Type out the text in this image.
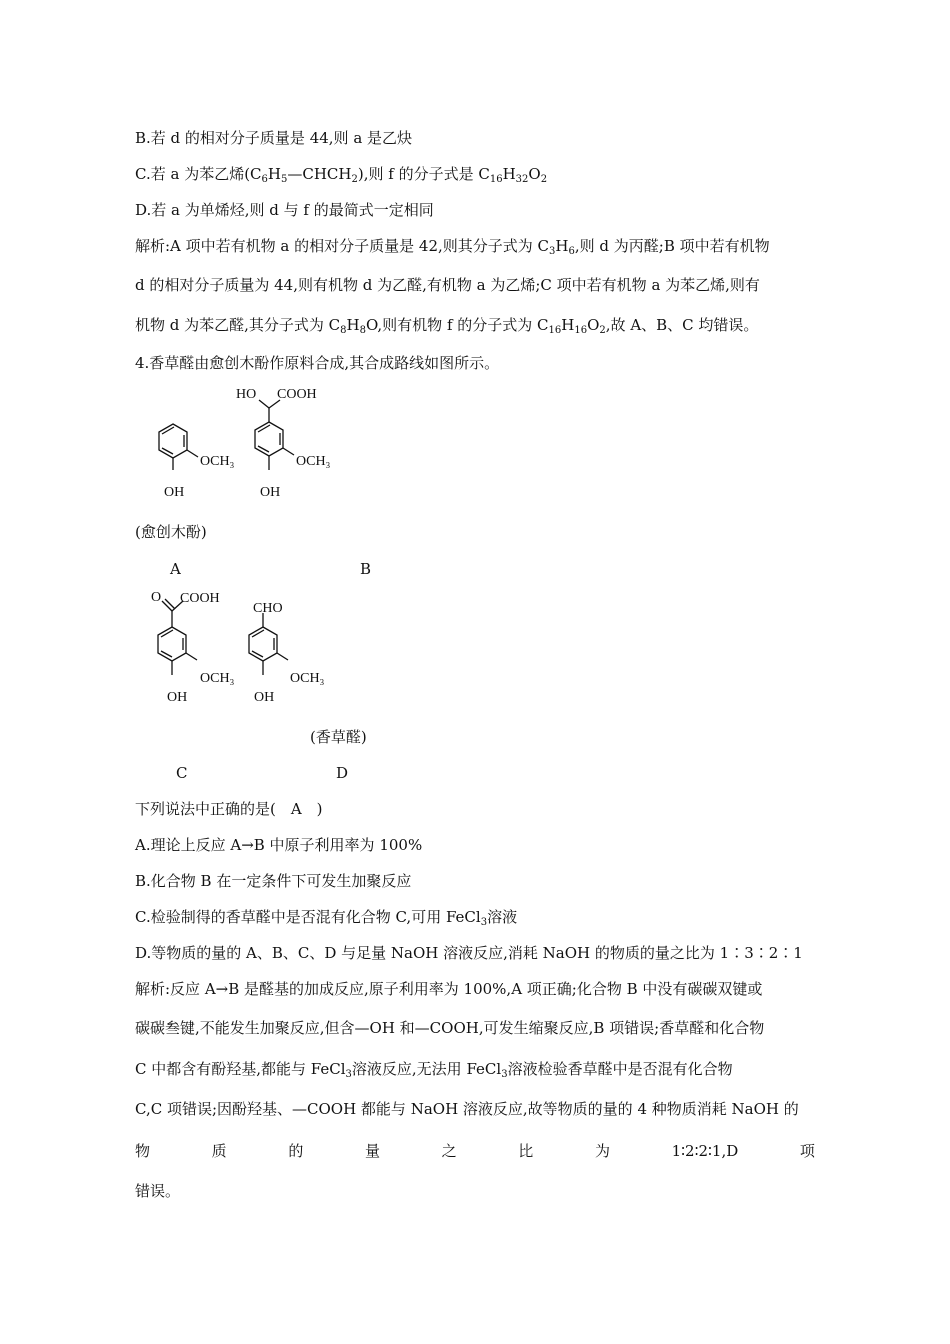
B.若 d 的相对分子质量是 44,则 a 是乙炔
C.若 a 为苯乙烯$(C_6H_5—CHCH_2)$,则 f 的分子式是 $C_{16}H_{32}O_2$
D.若 a 为单烯烃,则 d 与 f 的最简式一定相同
解析:A 项中若有机物 a 的相对分子质量是 42,则其分子式为 $C_3H_6$,则 d 为丙醛;B 项中若有机物
d 的相对分子质量为 44,则有机物 d 为乙醛,有机物 a 为乙烯;C 项中若有机物 a 为苯乙烯,则有
机物 d 为苯乙醛,其分子式为 $C_8H_8O$,则有机物 f 的分子式为 $C_{16}H_{16}O_2$,故 A、B、C 均错误。
4.香草醛由愈创木酚作原料合成,其合成路线如图所示。
OCH₃
OH
HO COOH
OCH₃
OH
(愈创木酚)
A	B
O COOH
OCH₃
OH
CHO
OCH₃
OH
(香草醛)
C	D
下列说法中正确的是(　A　)
A.理论上反应 A→B 中原子利用率为 100%
B.化合物 B 在一定条件下可发生加聚反应
C.检验制得的香草醛中是否混有化合物 C,可用 FeCl$_3$溶液
D.等物质的量的 A、B、C、D 与足量 NaOH 溶液反应,消耗 NaOH 的物质的量之比为 1∶3∶2∶1
解析:反应 A→B 是醛基的加成反应,原子利用率为 100%,A 项正确;化合物 B 中没有碳碳双键或
碳碳叁键,不能发生加聚反应,但含—OH 和—COOH,可发生缩聚反应,B 项错误;香草醛和化合物
C 中都含有酚羟基,都能与 FeCl$_3$溶液反应,无法用 FeCl$_3$溶液检验香草醛中是否混有化合物
C,C 项错误;因酚羟基、—COOH 都能与 NaOH 溶液反应,故等物质的量的 4 种物质消耗 NaOH 的
物	质	的	量	之	比	为	1∶2∶2∶1,D	项
错误。
